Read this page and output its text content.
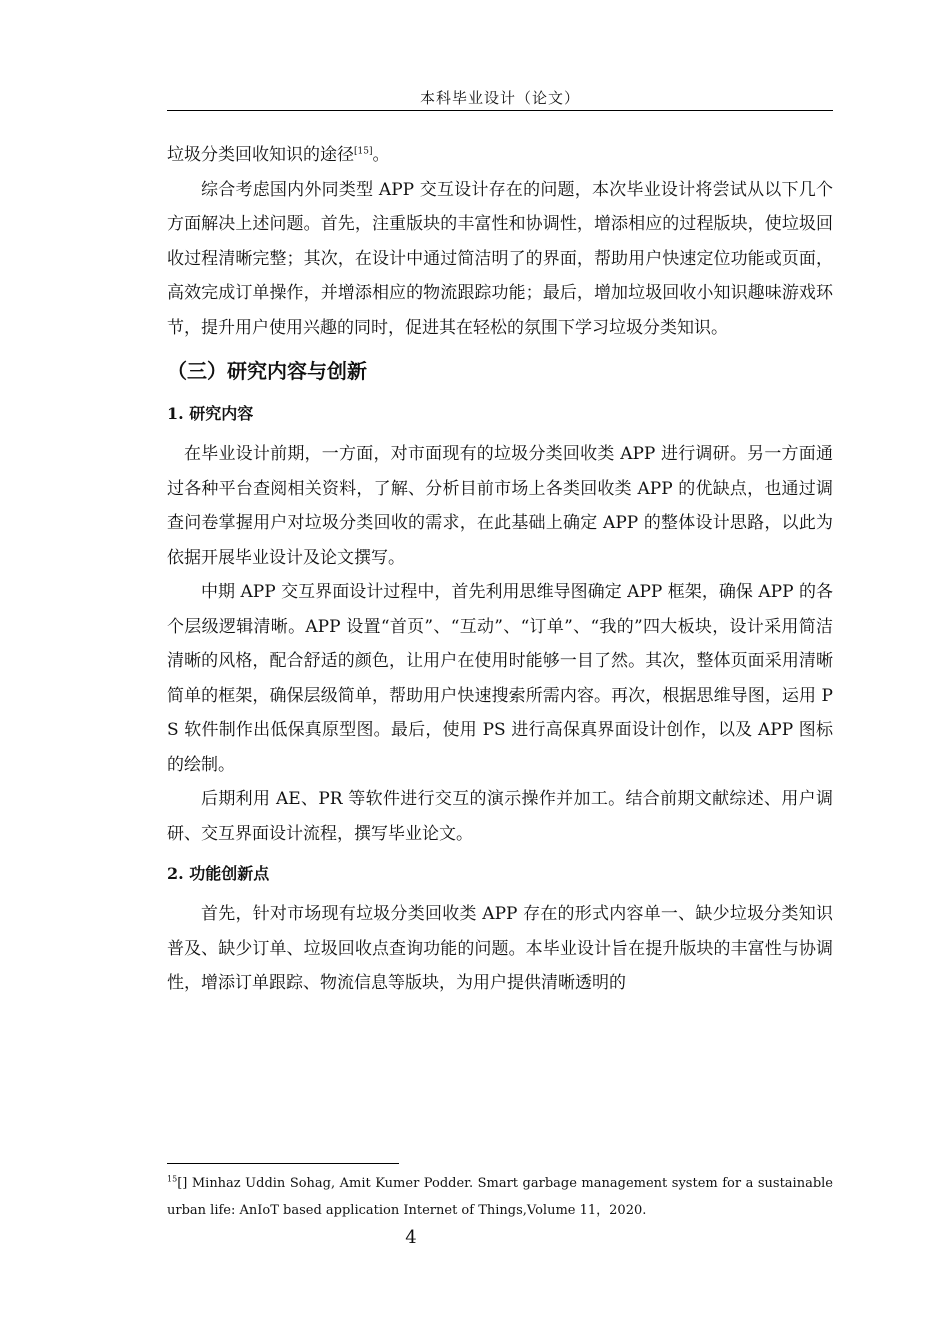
本科毕业设计（论文）

垃圾分类回收知识的途径[15]。

综合考虑国内外同类型 APP 交互设计存在的问题，本次毕业设计将尝试从以下几个方面解决上述问题。首先，注重版块的丰富性和协调性，增添相应的过程版块，使垃圾回收过程清晰完整；其次，在设计中通过简洁明了的界面，帮助用户快速定位功能或页面，高效完成订单操作，并增添相应的物流跟踪功能；最后，增加垃圾回收小知识趣味游戏环节，提升用户使用兴趣的同时，促进其在轻松的氛围下学习垃圾分类知识。

（三）研究内容与创新
1. 研究内容

在毕业设计前期，一方面，对市面现有的垃圾分类回收类 APP 进行调研。另一方面通过各种平台查阅相关资料，了解、分析目前市场上各类回收类 APP 的优缺点，也通过调查问卷掌握用户对垃圾分类回收的需求，在此基础上确定 APP 的整体设计思路，以此为依据开展毕业设计及论文撰写。

中期 APP 交互界面设计过程中，首先利用思维导图确定 APP 框架，确保 APP 的各个层级逻辑清晰。APP 设置“首页”、“互动”、“订单”、“我的”四大板块，设计采用简洁清晰的风格，配合舒适的颜色，让用户在使用时能够一目了然。其次，整体页面采用清晰简单的框架，确保层级简单，帮助用户快速搜索所需内容。再次，根据思维导图，运用 PS 软件制作出低保真原型图。最后，使用 PS 进行高保真界面设计创作，以及 APP 图标的绘制。

后期利用 AE、PR 等软件进行交互的演示操作并加工。结合前期文献综述、用户调研、交互界面设计流程，撰写毕业论文。

2. 功能创新点

首先，针对市场现有垃圾分类回收类 APP 存在的形式内容单一、缺少垃圾分类知识普及、缺少订单、垃圾回收点查询功能的问题。本毕业设计旨在提升版块的丰富性与协调性，增添订单跟踪、物流信息等版块，为用户提供清晰透明的

$^{15}$[] Minhaz Uddin Sohag, Amit Kumer Podder. Smart garbage management system for a sustainable urban life: AnIoT based application Internet of Things,Volume 11，2020.
4
